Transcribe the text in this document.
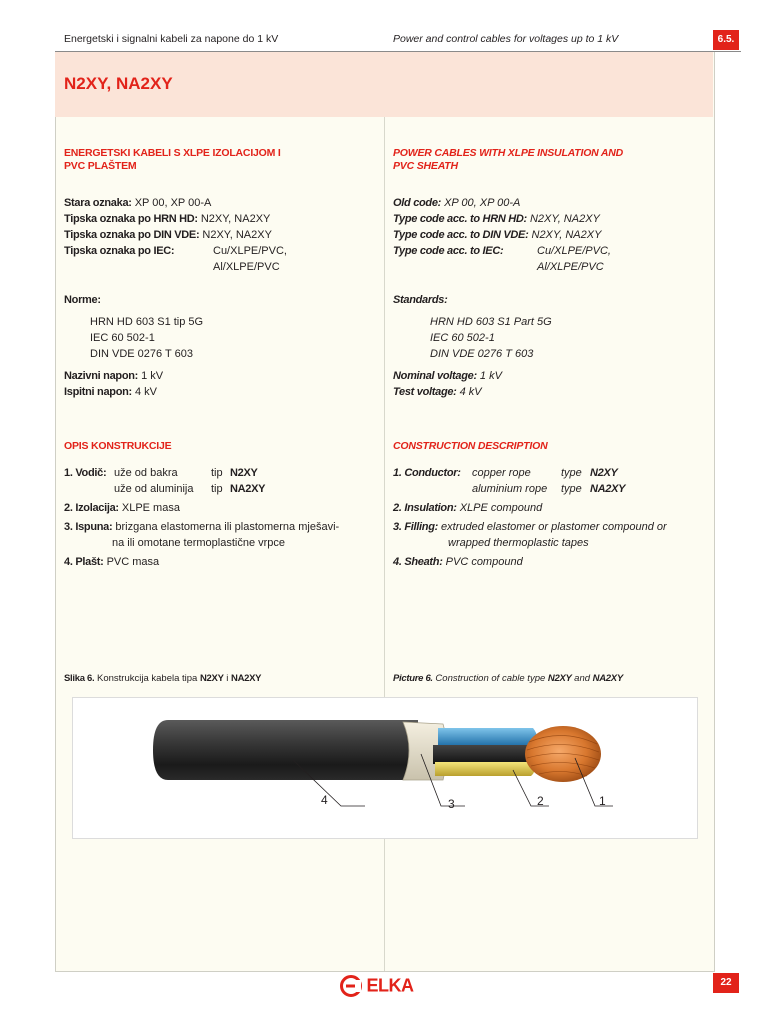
Energetski i signalni kabeli za napone do 1 kV	Power and control cables for voltages up to 1 kV	6.5.
N2XY, NA2XY
ENERGETSKI KABELI S XLPE IZOLACIJOM I
PVC PLAŠTEM
Stara oznaka: XP 00, XP 00-A
Tipska oznaka po HRN HD: N2XY, NA2XY
Tipska oznaka po DIN VDE: N2XY, NA2XY
Tipska oznaka po IEC:	Cu/XLPE/PVC,
Al/XLPE/PVC
Norme:
HRN HD 603 S1 tip 5G
IEC 60 502-1
DIN VDE 0276 T 603
Nazivni napon: 1 kV
Ispitni napon: 4 kV
OPIS KONSTRUKCIJE
1. Vodič: uže od bakra	tip N2XY
uže od aluminija tip NA2XY
2. Izolacija: XLPE masa
3. Ispuna: brizgana elastomerna ili plastomerna mješavi-
na ili omotane termoplastične vrpce
4. Plašt: PVC masa
Slika 6. Konstrukcija kabela tipa N2XY i NA2XY
POWER CABLES WITH XLPE INSULATION AND
PVC SHEATH
Old code: XP 00, XP 00-A
Type code acc. to HRN HD: N2XY, NA2XY
Type code acc. to DIN VDE: N2XY, NA2XY
Type code acc. to IEC:	Cu/XLPE/PVC,
Al/XLPE/PVC
Standards:
HRN HD 603 S1 Part 5G
IEC 60 502-1
DIN VDE 0276 T 603
Nominal voltage: 1 kV
Test voltage: 4 kV
CONSTRUCTION DESCRIPTION
1. Conductor: copper rope	type N2XY
aluminium rope type NA2XY
2. Insulation: XLPE compound
3. Filling: extruded elastomer or plastomer compound or
wrapped thermoplastic tapes
4. Sheath: PVC compound
Picture 6. Construction of cable type N2XY and NA2XY
4	3	2	1
ELKA	22
